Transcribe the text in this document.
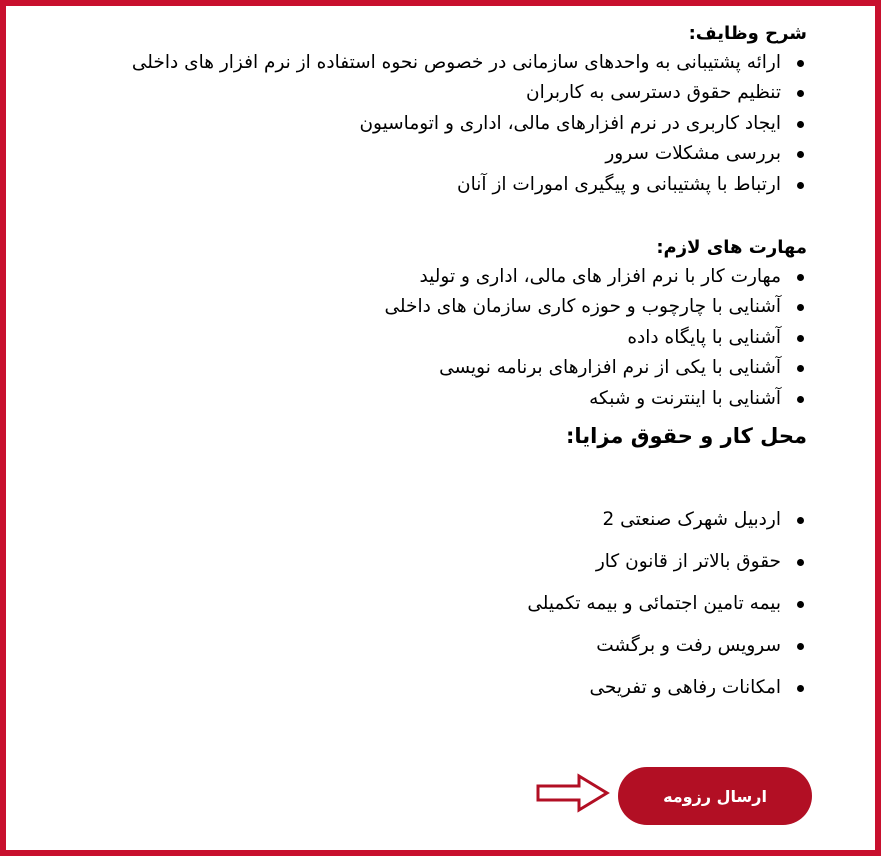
شرح وظایف:
ارائه پشتیبانی به واحدهای سازمانی در خصوص نحوه استفاده از نرم افزار های داخلی
تنظیم حقوق دسترسی به کاربران
ایجاد کاربری در نرم افزارهای مالی، اداری و اتوماسیون
بررسی مشکلات سرور
ارتباط با پشتیبانی و پیگیری امورات از آنان
مهارت های لازم:
مهارت کار با نرم افزار های مالی، اداری و تولید
آشنایی با چارچوب و حوزه کاری سازمان های داخلی
آشنایی با پایگاه داده
آشنایی با یکی از نرم افزارهای برنامه نویسی
آشنایی با اینترنت و شبکه
محل کار و حقوق مزایا:
اردبیل شهرک صنعتی 2
حقوق بالاتر از قانون کار
بیمه تامین اجتمائی و بیمه تکمیلی
سرویس رفت و برگشت
امکانات رفاهی و تفریحی
ارسال رزومه
